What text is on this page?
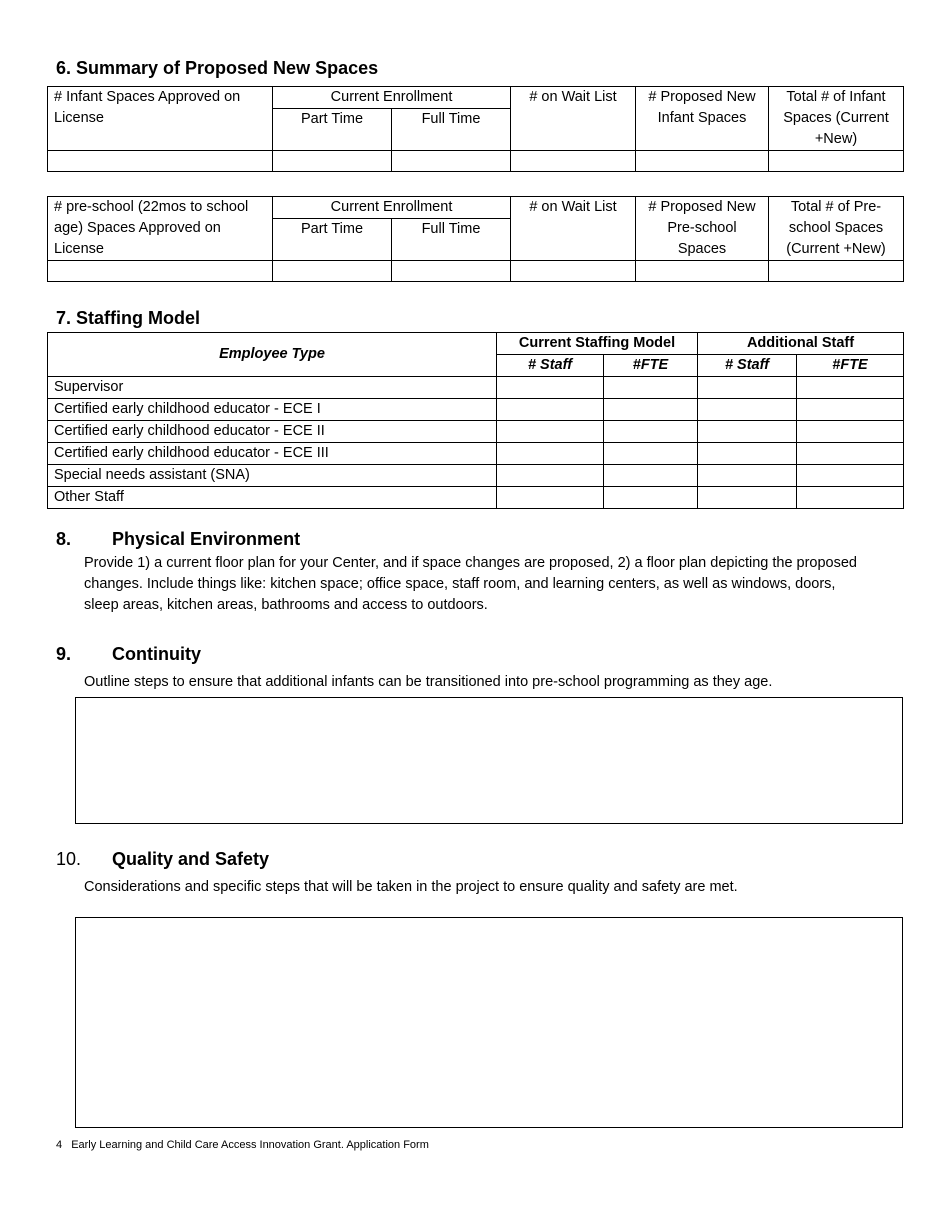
6. Summary of Proposed New Spaces
# Infant Spaces Approved on License	Current Enrollment		# on Wait List	# Proposed New Infant Spaces	Total # of Infant Spaces (Current +New)
	Part Time	Full Time			

# pre-school (22mos to school age) Spaces Approved on License	Current Enrollment		# on Wait List	# Proposed New Pre-school Spaces	Total # of Pre-school Spaces (Current +New)
	Part Time	Full Time			

7. Staffing Model
Employee Type	Current Staffing Model		Additional Staff	
	# Staff	#FTE	# Staff	#FTE
Supervisor				
Certified early childhood educator - ECE I				
Certified early childhood educator - ECE II				
Certified early childhood educator - ECE III				
Special needs assistant (SNA)				
Other Staff				
8. Physical Environment
Provide 1) a current floor plan for your Center, and if space changes are proposed, 2) a floor plan depicting the proposed changes. Include things like: kitchen space; office space, staff room, and learning centers, as well as windows, doors, sleep areas, kitchen areas, bathrooms and access to outdoors.
9. Continuity
Outline steps to ensure that additional infants can be transitioned into pre-school programming as they age.
10. Quality and Safety
Considerations and specific steps that will be taken in the project to ensure quality and safety are met.
4 Early Learning and Child Care Access Innovation Grant. Application Form
